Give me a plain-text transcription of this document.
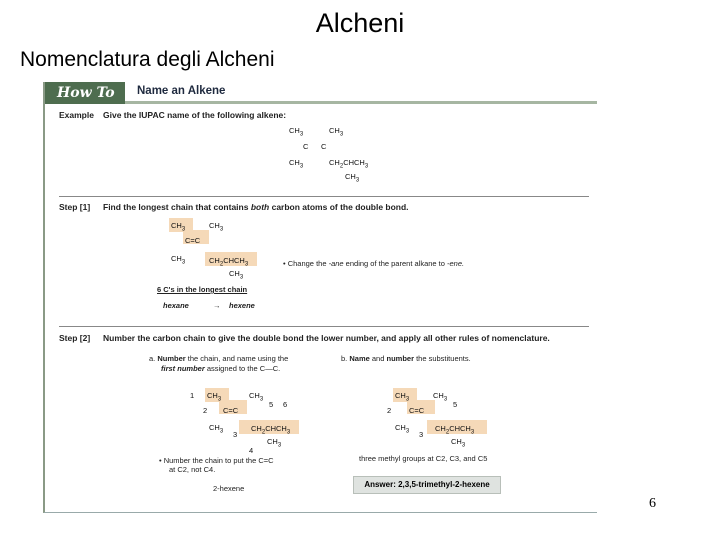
Alcheni
Nomenclatura degli Alcheni
How To	Name an Alkene
Example Give the IUPAC name of the following alkene:
$CH_3$	$CH_3$
C C
$CH_3$	$CH_2CHCH_3$
$CH_3$
Step [1] Find the longest chain that contains both carbon atoms of the double bond.
$CH_3$	$CH_3$
C=C
$CH_3$	$CH_2CHCH_3$
$CH_3$
• Change the -ane ending of the parent alkane to -ene.
6 C's in the longest chain
hexane	→ hexene
Step [2] Number the carbon chain to give the double bond the lower number, and apply all other rules of nomenclature.
a. Number the chain, and name using the
first number assigned to the C—C.
b. Name and number the substituents.
1 $CH_3$	$CH_3$
5 6
2 C=C
$CH_3$ 3
$CH_2CHCH_3$
$CH_3$
4
• Number the chain to put the C=C
at C2, not C4.
2-hexene
$CH_3$	$CH_3$
5
2 C=C
$CH_3$ 3
$CH_2CHCH_3$
$CH_3$
three methyl groups at C2, C3, and C5
Answer: 2,3,5-trimethyl-2-hexene
6
